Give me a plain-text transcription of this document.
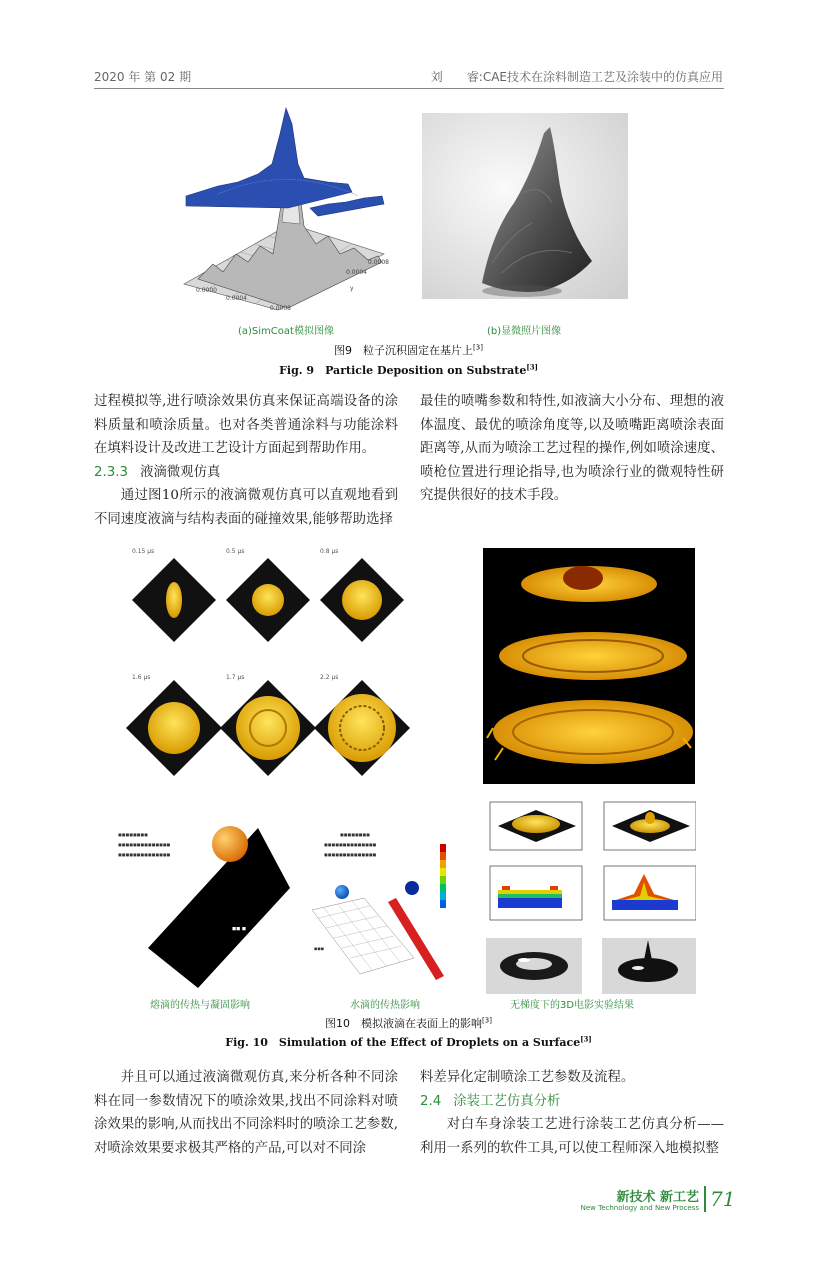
2020 年 第 02 期	刘　　睿:CAE技术在涂料制造工艺及涂装中的仿真应用
0.0000
0.0004
0.0008
0.0004
0.0008
y
(a)SimCoat模拟图像	(b)显微照片图像
图9　粒子沉积固定在基片上[3]
Fig. 9　Particle Deposition on Substrate[3]

过程模拟等,进行喷涂效果仿真来保证高端设备的涂料质量和喷涂质量。也对各类普通涂料与功能涂料在填料设计及改进工艺设计方面起到帮助作用。

2.3.3 液滴微观仿真

通过图10所示的液滴微观仿真可以直观地看到不同速度液滴与结构表面的碰撞效果,能够帮助选择

最佳的喷嘴参数和特性,如液滴大小分布、理想的液体温度、最优的喷涂角度等,以及喷嘴距离喷涂表面距离等,从而为喷涂工艺过程的操作,例如喷涂速度、喷枪位置进行理论指导,也为喷涂行业的微观特性研究提供很好的技术手段。

0.15 μs	0.5 μs	0.8 μs
1.6 μs	1.7 μs	2.2 μs
◼◼◼◼◼◼◼◼
◼◼◼◼◼◼◼◼◼◼◼◼◼◼
◼◼◼◼◼◼◼◼◼◼◼◼◼◼
◼◼ ◼
◼◼◼◼◼◼◼◼
◼◼◼◼◼◼◼◼◼◼◼◼◼◼
◼◼◼◼◼◼◼◼◼◼◼◼◼◼
◼◼◼
熔滴的传热与凝固影响	水滴的传热影响	无梯度下的3D电影实验结果
图10　模拟液滴在表面上的影响[3]
Fig. 10　Simulation of the Effect of Droplets on a Surface[3]

并且可以通过液滴微观仿真,来分析各种不同涂料在同一参数情况下的喷涂效果,找出不同涂料对喷涂效果的影响,从而找出不同涂料时的喷涂工艺参数,对喷涂效果要求极其严格的产品,可以对不同涂

料差异化定制喷涂工艺参数及流程。

2.4 涂装工艺仿真分析

对白车身涂装工艺进行涂装工艺仿真分析——利用一系列的软件工具,可以使工程师深入地模拟整

新技术 新工艺
New Technology and New Process 71
